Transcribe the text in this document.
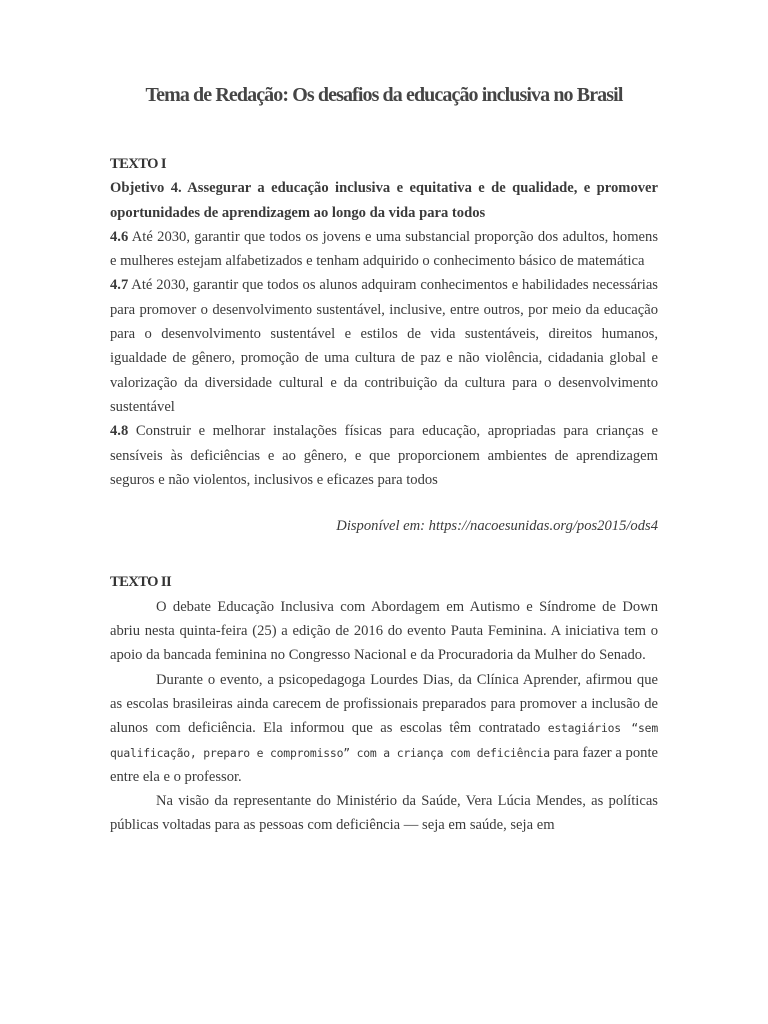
Tema de Redação: Os desafios da educação inclusiva no Brasil

TEXTO I

Objetivo 4. Assegurar a educação inclusiva e equitativa e de qualidade, e promover oportunidades de aprendizagem ao longo da vida para todos

4.6 Até 2030, garantir que todos os jovens e uma substancial proporção dos adultos, homens e mulheres estejam alfabetizados e tenham adquirido o conhecimento básico de matemática

4.7 Até 2030, garantir que todos os alunos adquiram conhecimentos e habilidades necessárias para promover o desenvolvimento sustentável, inclusive, entre outros, por meio da educação para o desenvolvimento sustentável e estilos de vida sustentáveis, direitos humanos, igualdade de gênero, promoção de uma cultura de paz e não violência, cidadania global e valorização da diversidade cultural e da contribuição da cultura para o desenvolvimento sustentável

4.8 Construir e melhorar instalações físicas para educação, apropriadas para crianças e sensíveis às deficiências e ao gênero, e que proporcionem ambientes de aprendizagem seguros e não violentos, inclusivos e eficazes para todos

Disponível em: https://nacoesunidas.org/pos2015/ods4

TEXTO II

O debate Educação Inclusiva com Abordagem em Autismo e Síndrome de Down abriu nesta quinta-feira (25) a edição de 2016 do evento Pauta Feminina. A iniciativa tem o apoio da bancada feminina no Congresso Nacional e da Procuradoria da Mulher do Senado.

Durante o evento, a psicopedagoga Lourdes Dias, da Clínica Aprender, afirmou que as escolas brasileiras ainda carecem de profissionais preparados para promover a inclusão de alunos com deficiência. Ela informou que as escolas têm contratado estagiários “sem qualificação, preparo e compromisso” com a criança com deficiência para fazer a ponte entre ela e o professor.

Na visão da representante do Ministério da Saúde, Vera Lúcia Mendes, as políticas públicas voltadas para as pessoas com deficiência — seja em saúde, seja em
